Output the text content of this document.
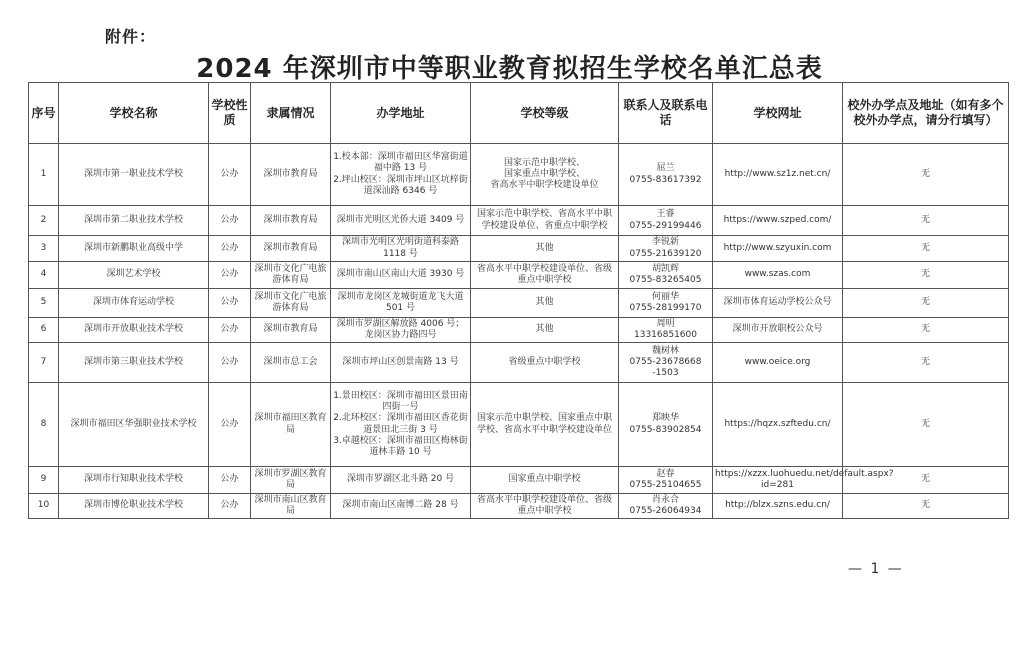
附件：
2024 年深圳市中等职业教育拟招生学校名单汇总表
序号	学校名称	学校性质	隶属情况	办学地址	学校等级	联系人及联系电话	学校网址	校外办学点及地址（如有多个校外办学点，请分行填写）
1	深圳市第一职业技术学校	公办	深圳市教育局	1.校本部：深圳市福田区华富街道福中路 13 号
2.坪山校区：深圳市坪山区坑梓街道深汕路 6346 号	国家示范中职学校、
国家重点中职学校、
省高水平中职学校建设单位	屈兰
0755-83617392	http://www.sz1z.net.cn/	无
2	深圳市第二职业技术学校	公办	深圳市教育局	深圳市光明区光侨大道 3409 号	国家示范中职学校、省高水平中职学校建设单位、省重点中职学校	王睿
0755-29199446	https://www.szped.com/	无
3	深圳市新鹏职业高级中学	公办	深圳市教育局	深圳市光明区光明街道科泰路 1118 号	其他	李锐新
0755-21639120	http://www.szyuxin.com	无
4	深圳艺术学校	公办	深圳市文化广电旅游体育局	深圳市南山区南山大道 3930 号	省高水平中职学校建设单位、省级重点中职学校	胡凯辉
0755-83265405	www.szas.com	无
5	深圳市体育运动学校	公办	深圳市文化广电旅游体育局	深圳市龙岗区龙城街道龙飞大道 501 号	其他	何丽华
0755-28199170	深圳市体育运动学校公众号	无
6	深圳市开放职业技术学校	公办	深圳市教育局	深圳市罗湖区解放路 4006 号；龙岗区协力路四号	其他	周明
13316851600	深圳市开放职校公众号	无
7	深圳市第三职业技术学校	公办	深圳市总工会	深圳市坪山区创景南路 13 号	省级重点中职学校	魏树林
0755-23678668
-1503	www.oeice.org	无
8	深圳市福田区华强职业技术学校	公办	深圳市福田区教育局	1.景田校区：深圳市福田区景田南四街一号
2.北环校区：深圳市福田区香花街道景田北三街 3 号
3.卓越校区：深圳市福田区梅林街道林丰路 10 号	国家示范中职学校、国家重点中职学校、省高水平中职学校建设单位	郑映华
0755-83902854	https://hqzx.szftedu.cn/	无
9	深圳市行知职业技术学校	公办	深圳市罗湖区教育局	深圳市罗湖区北斗路 20 号	国家重点中职学校	赵春
0755-25104655	https://xzzx.luohuedu.net/default.aspx?id=281	无
10	深圳市博伦职业技术学校	公办	深圳市南山区教育局	深圳市南山区南博二路 28 号	省高水平中职学校建设单位、省级重点中职学校	肖永合
0755-26064934	http://blzx.szns.edu.cn/	无
— 1 —
